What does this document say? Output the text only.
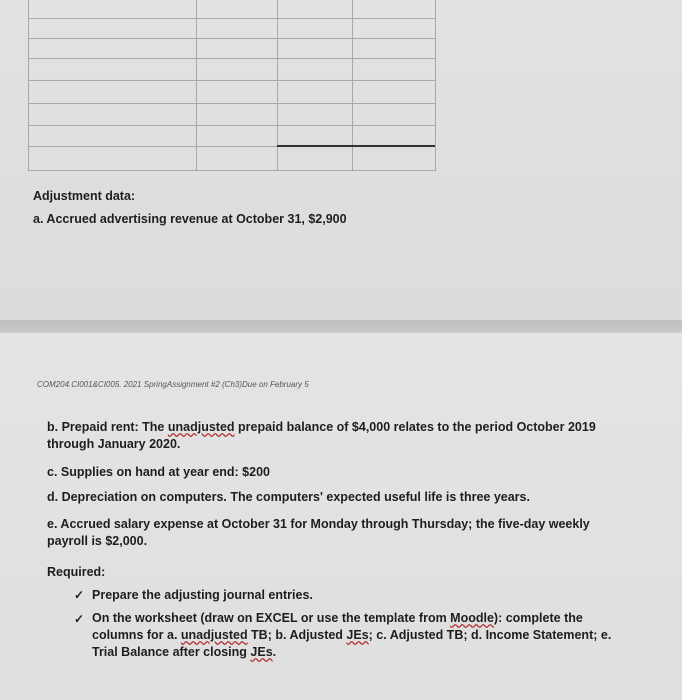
Adjustment data:
a. Accrued advertising revenue at October 31, $2,900
COM204.CI001&CI005. 2021 SpringAssignment #2 (Ch3)Due on February 5
b. Prepaid rent: The unadjusted prepaid balance of $4,000 relates to the period October 2019
through January 2020.
c. Supplies on hand at year end: $200
d. Depreciation on computers. The computers' expected useful life is three years.
e. Accrued salary expense at October 31 for Monday through Thursday; the five-day weekly
payroll is $2,000.
Required:
✓ Prepare the adjusting journal entries.
✓ On the worksheet (draw on EXCEL or use the template from Moodle): complete the
columns for a. unadjusted TB; b. Adjusted JEs; c. Adjusted TB; d. Income Statement; e.
Trial Balance after closing JEs.
